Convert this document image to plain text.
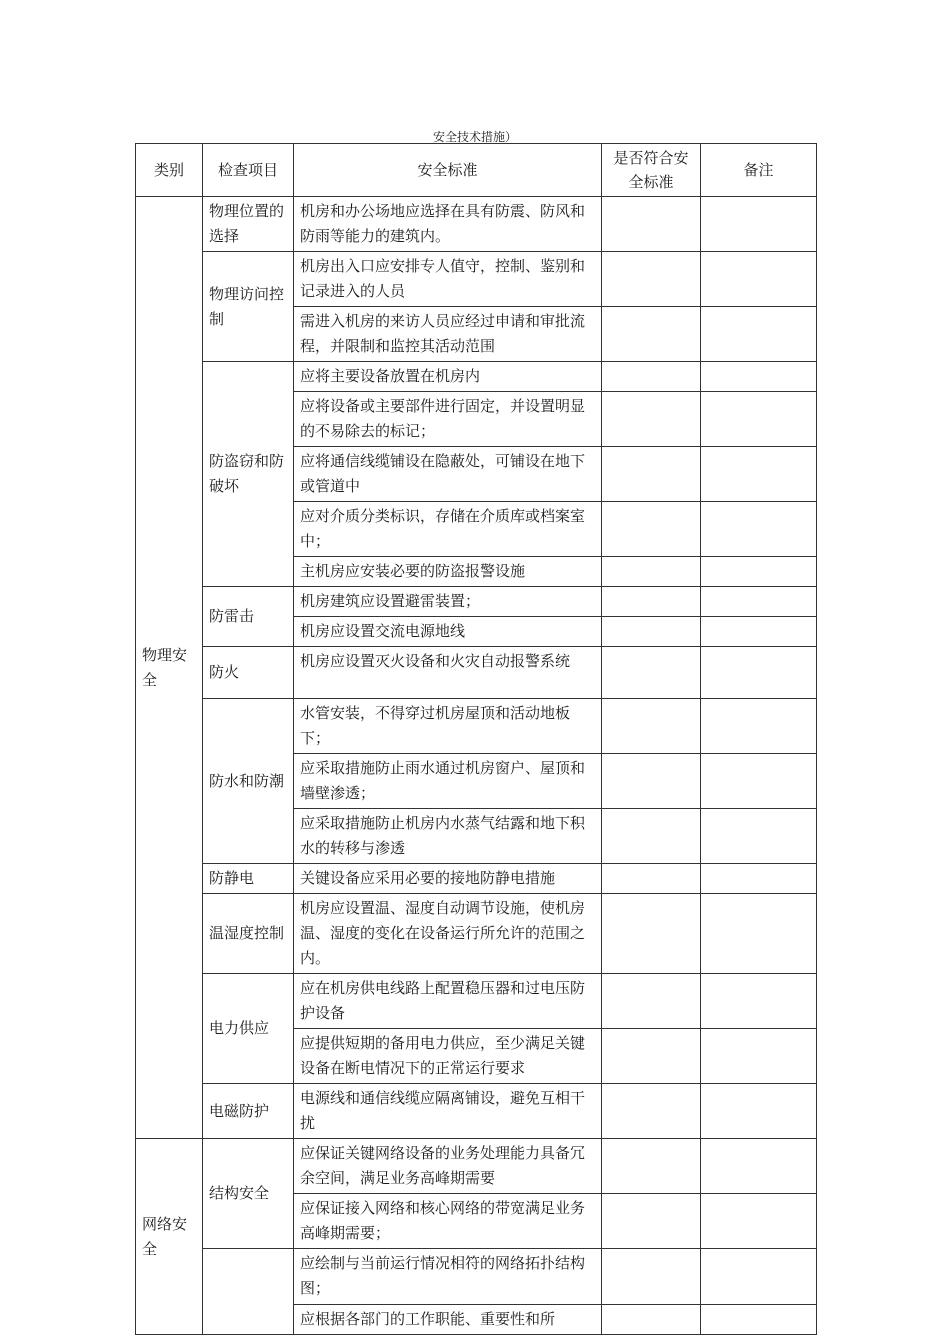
安全技术措施）
类别	检查项目	安全标准	是否符合安全标准	备注
物理安全	物理位置的选择	机房和办公场地应选择在具有防震、防风和防雨等能力的建筑内。		
	物理访问控制	机房出入口应安排专人值守，控制、鉴别和记录进入的人员		
		需进入机房的来访人员应经过申请和审批流程，并限制和监控其活动范围		
	防盗窃和防破坏	应将主要设备放置在机房内		
		应将设备或主要部件进行固定，并设置明显的不易除去的标记；		
		应将通信线缆铺设在隐蔽处，可铺设在地下或管道中		
		应对介质分类标识，存储在介质库或档案室中；		
		主机房应安装必要的防盗报警设施		
	防雷击	机房建筑应设置避雷装置；		
		机房应设置交流电源地线		
	防火	机房应设置灭火设备和火灾自动报警系统		
	防水和防潮	水管安装，不得穿过机房屋顶和活动地板下；		
		应采取措施防止雨水通过机房窗户、屋顶和墙壁渗透；		
		应采取措施防止机房内水蒸气结露和地下积水的转移与渗透		
	防静电	关键设备应采用必要的接地防静电措施		
	温湿度控制	机房应设置温、湿度自动调节设施，使机房温、湿度的变化在设备运行所允许的范围之内。		
	电力供应	应在机房供电线路上配置稳压器和过电压防护设备		
		应提供短期的备用电力供应，至少满足关键设备在断电情况下的正常运行要求		
	电磁防护	电源线和通信线缆应隔离铺设，避免互相干扰		
网络安全	结构安全	应保证关键网络设备的业务处理能力具备冗余空间，满足业务高峰期需要		
		应保证接入网络和核心网络的带宽满足业务高峰期需要；		
		应绘制与当前运行情况相符的网络拓扑结构图；		
		应根据各部门的工作职能、重要性和所		
